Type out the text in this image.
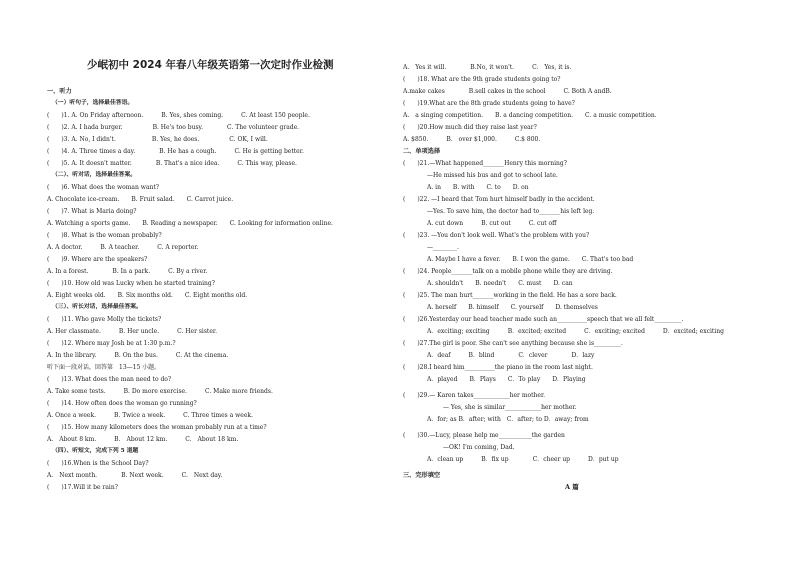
少岷初中 2024 年春八年级英语第一次定时作业检测
一、听力
（一）听句子，选择最佳答语。
(　　)1. A. On Friday afternoon.　　　B. Yes, shes coming.　　　C. At least 150 people.
(　　)2. A. I hada burger.　　　　　B. He's too busy.　　　　C. The volunteer grade.
(　　)3. A. No, I didn't.　　　　　　B. Yes, he does.　　　　　C. OK, I will.
(　　)4. A. Three times a day.　　　　B. He has a cough.　　　C. He is getting better.
(　　)5. A. It doesn't matter.　　　　B. That's a nice idea.　　　C. This way, please.
（二）、听对话，选择最佳答案。
(　　)6. What does the woman want?
A. Chocolate ice-cream.　　B. Fruit salad.　　C. Carrot juice.
(　　)7. What is Maria doing?
A. Watching a sports game.　　B. Reading a newspaper.　　C. Looking for information online.
(　　)8. What is the woman probably?
A. A doctor.　　　B. A teacher.　　　C. A reporter.
(　　)9. Where are the speakers?
A. In a forest.　　　　B. In a park.　　　C. By a river.
(　　)10. How old was Lucky when he started training?
A. Eight weeks old.　　B. Six months old.　　C. Eight months old.
（三）、听长对话，选择最佳答案。
(　　)11. Who gave Molly the tickets?
A. Her classmate.　　　B. Her uncle.　　　C. Her sister.
(　　)12. Where may Josh be at 1:30 p.m.?
A. In the library.　　　B. On the bus.　　　C. At the cinema.
听下面一段对话，回答第　13—15 小题。
(　　)13. What does the man need to do?
A. Take some tests.　　　B. Do more exercise.　　　C. Make more friends.
(　　)14. How often does the woman go running?
A. Once a week.　　　B. Twice a week.　　　C. Three times a week.
(　　)15. How many kilometers does the woman probably run at a time?
A.　About 8 km.　　　B.　About 12 km.　　　C.　About 18 km.
（四）、听短文，完成下列 5 道题
(　　)16.When is the School Day?
A.　Next month.　　　　B. Next week.　　　C.　Next day.
(　　)17.Will it be rain?
A.　Yes it will.　　　　B.No, it won't.　　　C.　Yes, it is.
(　　)18. What are the 9th grade students going to?
A.make cakes　　　　B.sell cakes in the school　　　C. Both A andB.
(　　)19.What are the 8th grade students going to have?
A.　a singing competition.　　B. a dancing competition.　　C. a music competition.
(　　)20.How much did they raise last year?
A. $850.　　　B.　over $1,000.　　　C.$ 800.
二、单项选择
(　　)21.—What happened_______Henry this morning?
—He missed his bus and got to school late.
A. in　　B. with　　C. to　　D. on
(　　)22. —I heard that Tom hurt himself badly in the accident.
—Yes. To save him, the doctor had to_______his left leg.
A. cut down　　　B. cut out　　　C. cut off
(　　)23. —You don't look well. What's the problem with you?
—________.
A. Maybe I have a fever.　　B. I won the game.　　C. That's too bad
(　　)24. People_______talk on a mobile phone while they are driving.
A. shouldn't　　B. needn't　　C. must　　D. can
(　　)25. The man hurt_______working in the field. He has a sore back.
A. herself　　B. himself　　C. yourself　　D. themselves
(　　)26.Yesterday our head teacher made such an__________speech that we all felt_________.
A．exciting; exciting　　　B．excited; excited　　　C．exciting; excited　　　D．excited; exciting
(　　)27.The girl is poor. She can't see anything because she is_________.
A．deaf　　　B．blind　　　　C．clever　　　　D．lazy
(　　)28.I heard him__________the piano in the room last night.
A．played　　B．Plays　　C．To play　　D．Playing
(　　)29.— Karen takes____________her mother.
— Yes, she is similar____________her mother.
A．for; as B．after; with　C．after; to D．away; from
(　　)30.—Lucy, please help me___________the garden
—OK! I'm coming, Dad.
A．clean up　　　B．fix up　　　　C．cheer up　　　D．put up
三、完形填空
A 篇
